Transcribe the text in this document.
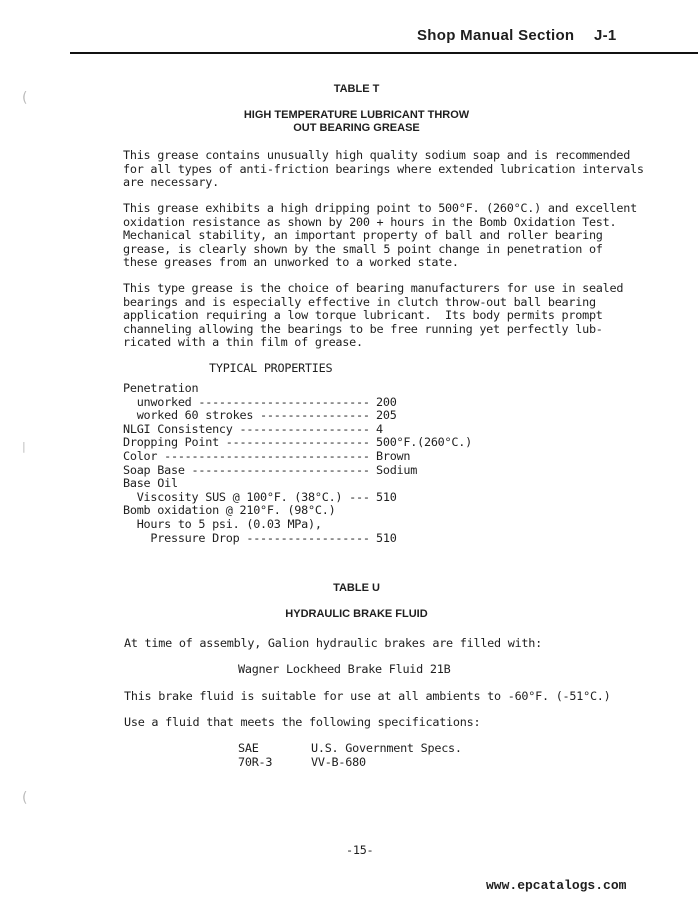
Shop Manual Section J-1
(
|
(
TABLE T
HIGH TEMPERATURE LUBRICANT THROW
OUT BEARING GREASE
This grease contains unusually high quality sodium soap and is recommended
for all types of anti-friction bearings where extended lubrication intervals
are necessary.
This grease exhibits a high dripping point to 500°F. (260°C.) and excellent
oxidation resistance as shown by 200 + hours in the Bomb Oxidation Test.
Mechanical stability, an important property of ball and roller bearing
grease, is clearly shown by the small 5 point change in penetration of
these greases from an unworked to a worked state.
This type grease is the choice of bearing manufacturers for use in sealed
bearings and is especially effective in clutch throw-out ball bearing
application requiring a low torque lubricant.  Its body permits prompt
channeling allowing the bearings to be free running yet perfectly lub-
ricated with a thin film of grease.
TYPICAL PROPERTIES
Penetration
unworked ------------------------- 200
worked 60 strokes ---------------- 205
NLGI Consistency ------------------- 4
Dropping Point --------------------- 500°F.(260°C.)
Color ------------------------------ Brown
Soap Base -------------------------- Sodium
Base Oil
Viscosity SUS @ 100°F. (38°C.) --- 510
Bomb oxidation @ 210°F. (98°C.)
Hours to 5 psi. (0.03 MPa),
Pressure Drop ------------------ 510
TABLE U
HYDRAULIC BRAKE FLUID
At time of assembly, Galion hydraulic brakes are filled with:
Wagner Lockheed Brake Fluid 21B
This brake fluid is suitable for use at all ambients to -60°F. (-51°C.)
Use a fluid that meets the following specifications:
SAE	U.S. Government Specs.
70R-3	VV-B-680
-15-
www.epcatalogs.com
